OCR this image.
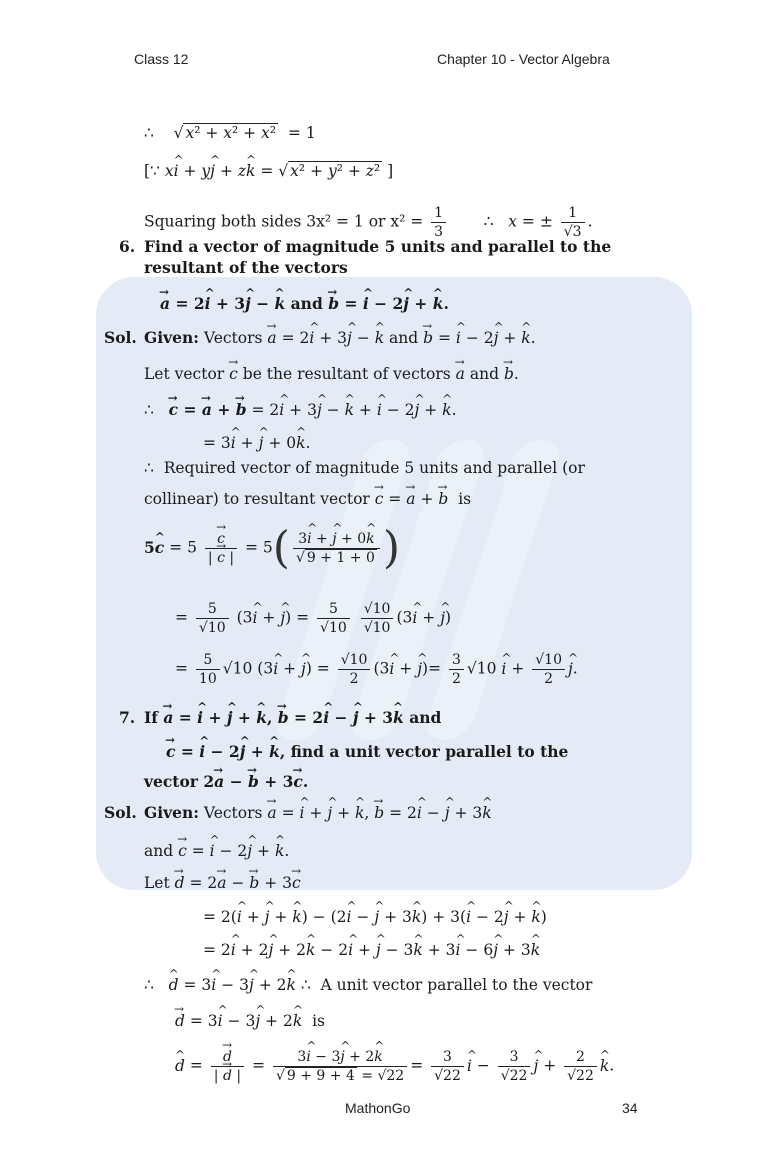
Class 12	Chapter 10 - Vector Algebra
∴    √ x² + x² + x²  = 1
[∵ x^ i + y^ j + z^ k = √ x² + y² + z² ]
Squaring both sides 3x² = 1 or $x^2 = \frac{1}{3}$ ∴   x = ± $\frac{1}{√3}$ .
6. Find a vector of magnitude 5 units and parallel to the
resultant of the vectors
→ a = 2^ i + 3^ j − ^ k and → b = ^ i − 2^ j + ^ k.
Sol. Given: Vectors → a = 2^ i + 3^ j − ^ k and → b = ^ i − 2^ j + ^ k.
Let vector → c be the resultant of vectors → a and → b.
∴   → c = → a + → b = 2^ i + 3^ j − ^ k + ^ i − 2^ j + ^ k.
= 3^ i + ^ j + 0^ k.
∴  Required vector of magnitude 5 units and parallel (or
collinear) to resultant vector → c = → a + → b is
5^ c = 5
→ $\frac{c}{| \to c |} = 5( \frac{3\^{} i + \^{} j + 0\^{} k}{√ 9 + 1 + 0}$ )
= $\frac{5}{√10}$ (3^ i + ^ $j) = \frac{5}{√10}$
$\frac{√10}{√10}$ (3^ i + ^ j)
= $\frac{5}{10} √10$ (3^ i + ^ $j) = \frac{√10}{2}$ (3^ i + ^ $j)= \frac{3}{2} √10$ ^ $i + \frac{√10}{2}$
^ j.
7. If → a = ^ i + ^ j + ^ k, → b = 2^ i − ^ j + 3^ k and
→ c = ^ i − 2^ j + ^ k, find a unit vector parallel to the
vector 2→ a − → b + 3→ c.
Sol. Given: Vectors → a = ^ i + ^ j + ^ k, → b = 2^ i − ^ j + 3^ k
and → c = ^ i − 2^ j + ^ k.
Let → d = 2→ a − → b + 3→ c
= 2(^ i + ^ j + ^ k) − (2^ i − ^ j + 3^ k) + 3(^ i − 2^ j + ^ k)
= 2^ i + 2^ j + 2^ k − 2^ i + ^ j − 3^ k + 3^ i − 6^ j + 3^ k
∴   ^ d = 3^ i − 3^ j + 2^ k ∴  A unit vector parallel to the vector
→ d = 3^ i − 3^ j + 2^ k is
^ d =
→ $\frac{d}{| \to d |} = \frac{3\^{} i - 3\^{} j + 2\^{} k}{√ 9 + 9 + 4 = √22} = \frac{3}{√22}$
^ $i - \frac{3}{√22}$
^ $j + \frac{2}{√22}$
^ k.
MathonGo	34
